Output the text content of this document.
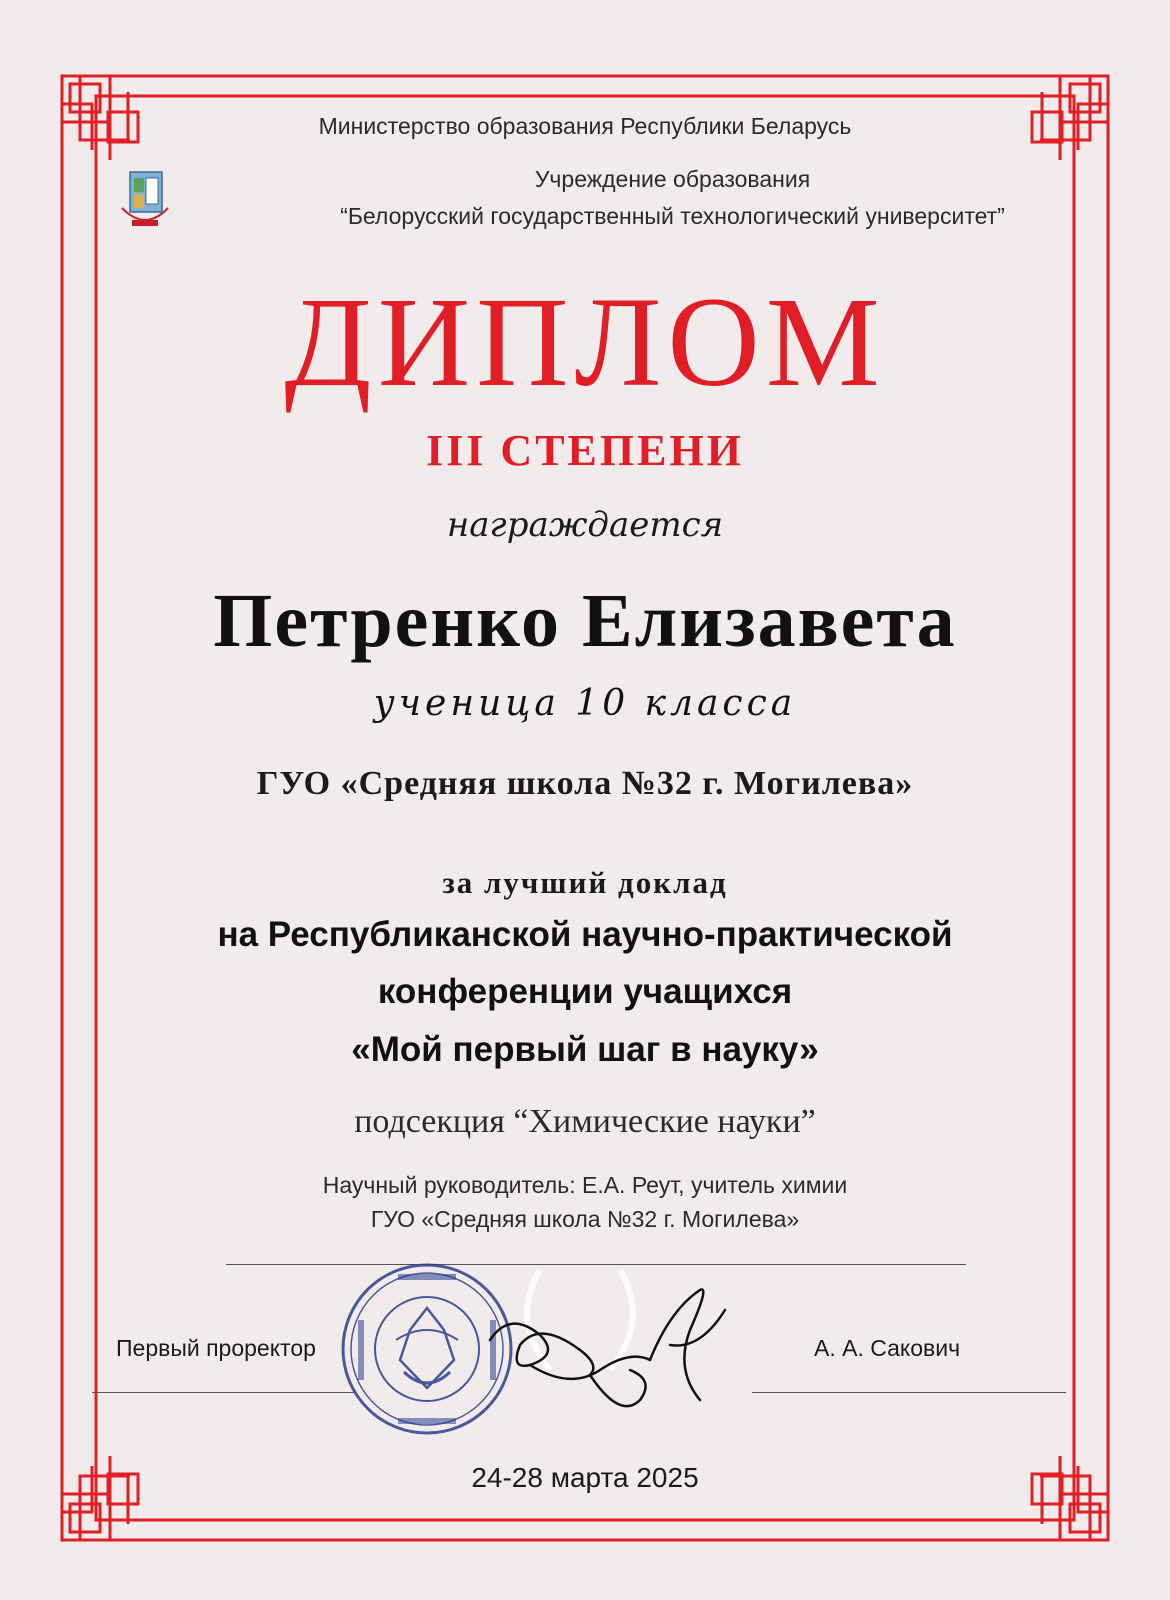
Министерство образования Республики Беларусь
Учреждение образования
“Белорусский государственный технологический университет”
ДИПЛОМ
III СТЕПЕНИ
награждается
Петренко Елизавета
ученица 10 класса
ГУО «Средняя школа №32 г. Могилева»
за лучший доклад
на Республиканской научно-практической
конференции учащихся
«Мой первый шаг в науку»
подсекция “Химические науки”
Научный руководитель: Е.А. Реут, учитель химии
ГУО «Средняя школа №32 г. Могилева»
Первый проректор	А. А. Сакович
24-28 марта 2025
